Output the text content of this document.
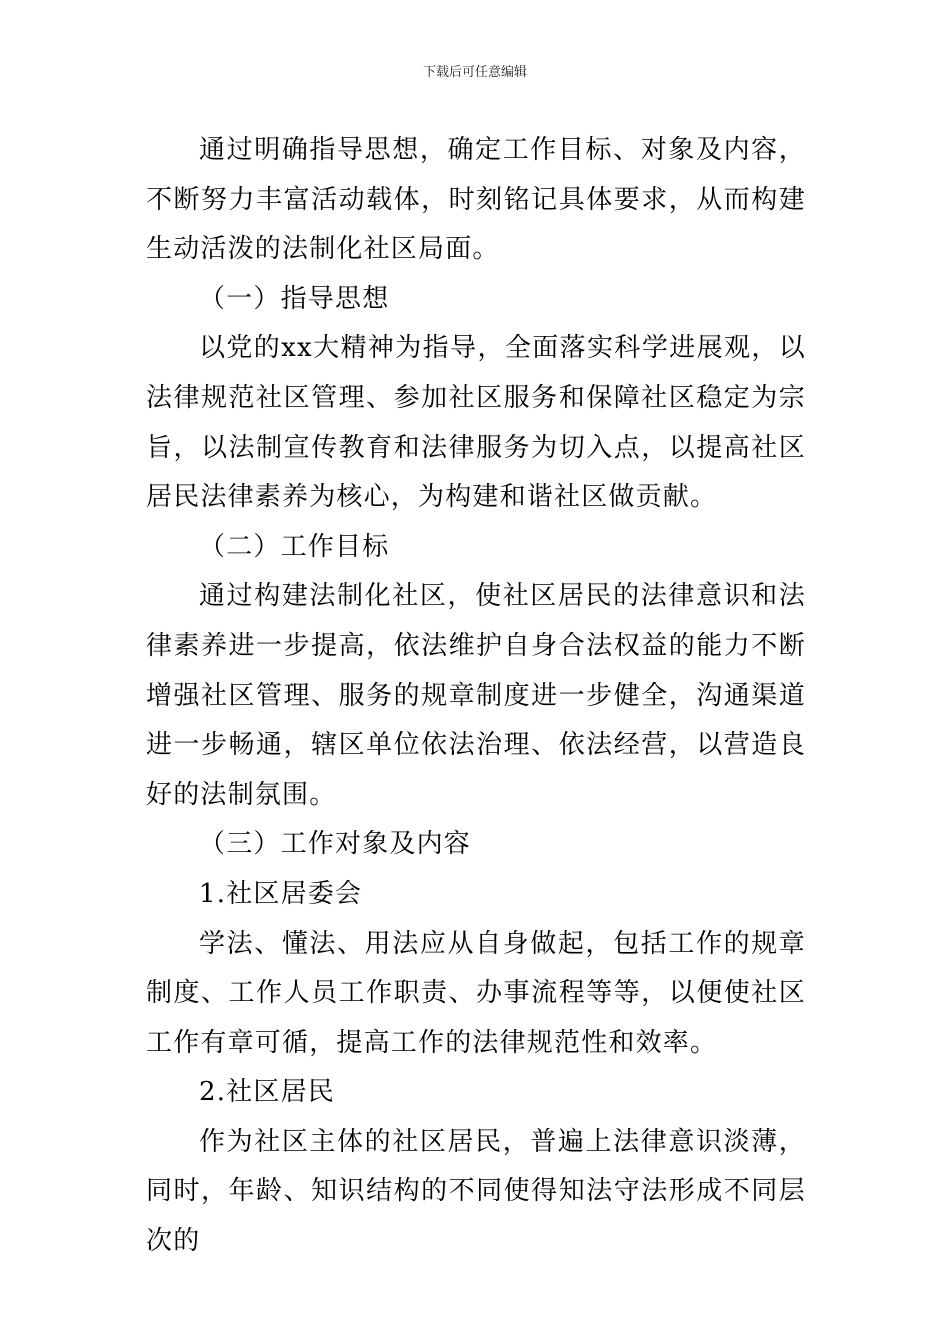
下载后可任意编辑

通过明确指导思想，确定工作目标、对象及内容，不断努力丰富活动载体，时刻铭记具体要求，从而构建生动活泼的法制化社区局面。

（一）指导思想

以党的xx大精神为指导，全面落实科学进展观，以法律规范社区管理、参加社区服务和保障社区稳定为宗旨，以法制宣传教育和法律服务为切入点，以提高社区居民法律素养为核心，为构建和谐社区做贡献。

（二）工作目标

通过构建法制化社区，使社区居民的法律意识和法律素养进一步提高，依法维护自身合法权益的能力不断增强社区管理、服务的规章制度进一步健全，沟通渠道进一步畅通，辖区单位依法治理、依法经营，以营造良好的法制氛围。

（三）工作对象及内容

1.社区居委会

学法、懂法、用法应从自身做起，包括工作的规章制度、工作人员工作职责、办事流程等等，以便使社区工作有章可循，提高工作的法律规范性和效率。

2.社区居民

作为社区主体的社区居民，普遍上法律意识淡薄，同时，年龄、知识结构的不同使得知法守法形成不同层次的
